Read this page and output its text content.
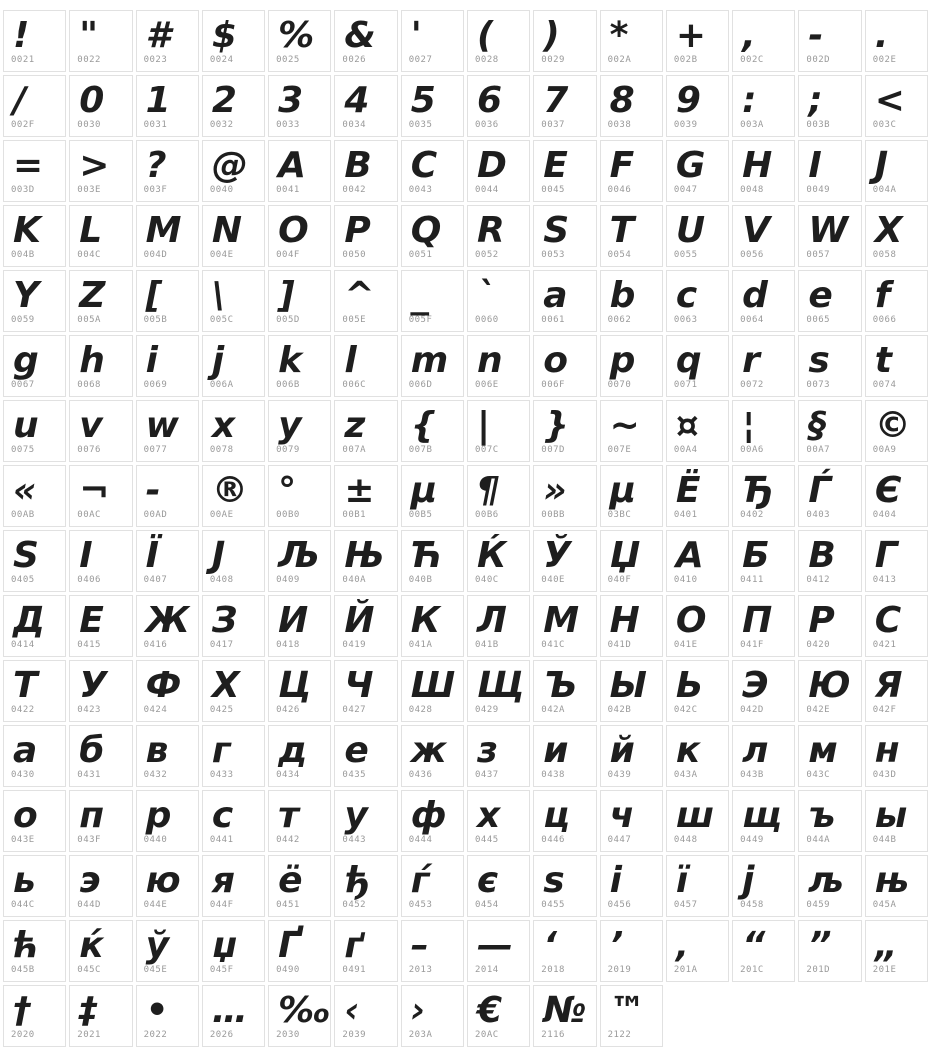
!
0021
"
0022
#
0023
$
0024
%
0025
&
0026
'
0027
(
0028
)
0029
*
002A
+
002B
,
002C
-
002D
.
002E
/
002F
0
0030
1
0031
2
0032
3
0033
4
0034
5
0035
6
0036
7
0037
8
0038
9
0039
:
003A
;
003B
<
003C
=
003D
>
003E
?
003F
@
0040
A
0041
B
0042
C
0043
D
0044
E
0045
F
0046
G
0047
H
0048
I
0049
J
004A
K
004B
L
004C
M
004D
N
004E
O
004F
P
0050
Q
0051
R
0052
S
0053
T
0054
U
0055
V
0056
W
0057
X
0058
Y
0059
Z
005A
[
005B
\
005C
]
005D
^
005E
_
005F
`
0060
a
0061
b
0062
c
0063
d
0064
e
0065
f
0066
g
0067
h
0068
i
0069
j
006A
k
006B
l
006C
m
006D
n
006E
o
006F
p
0070
q
0071
r
0072
s
0073
t
0074
u
0075
v
0076
w
0077
x
0078
y
0079
z
007A
{
007B
|
007C
}
007D
~
007E
¤
00A4
¦
00A6
§
00A7
©
00A9
«
00AB
¬
00AC
-
00AD
®
00AE
°
00B0
±
00B1
µ
00B5
¶
00B6
»
00BB
μ
03BC
Ё
0401
Ђ
0402
Ѓ
0403
Є
0404
Ѕ
0405
І
0406
Ї
0407
Ј
0408
Љ
0409
Њ
040A
Ћ
040B
Ќ
040C
Ў
040E
Џ
040F
А
0410
Б
0411
В
0412
Г
0413
Д
0414
Е
0415
Ж
0416
З
0417
И
0418
Й
0419
К
041A
Л
041B
М
041C
Н
041D
О
041E
П
041F
Р
0420
С
0421
Т
0422
У
0423
Ф
0424
Х
0425
Ц
0426
Ч
0427
Ш
0428
Щ
0429
Ъ
042A
Ы
042B
Ь
042C
Э
042D
Ю
042E
Я
042F
а
0430
б
0431
в
0432
г
0433
д
0434
е
0435
ж
0436
з
0437
и
0438
й
0439
к
043A
л
043B
м
043C
н
043D
о
043E
п
043F
р
0440
с
0441
т
0442
у
0443
ф
0444
х
0445
ц
0446
ч
0447
ш
0448
щ
0449
ъ
044A
ы
044B
ь
044C
э
044D
ю
044E
я
044F
ё
0451
ђ
0452
ѓ
0453
є
0454
ѕ
0455
і
0456
ї
0457
ј
0458
љ
0459
њ
045A
ћ
045B
ќ
045C
ў
045E
џ
045F
Ґ
0490
ґ
0491
–
2013
—
2014
‘
2018
’
2019
‚
201A
“
201C
”
201D
„
201E
†
2020
‡
2021
•
2022
…
2026
‰
2030
‹
2039
›
203A
€
20AC
№
2116
™
2122
